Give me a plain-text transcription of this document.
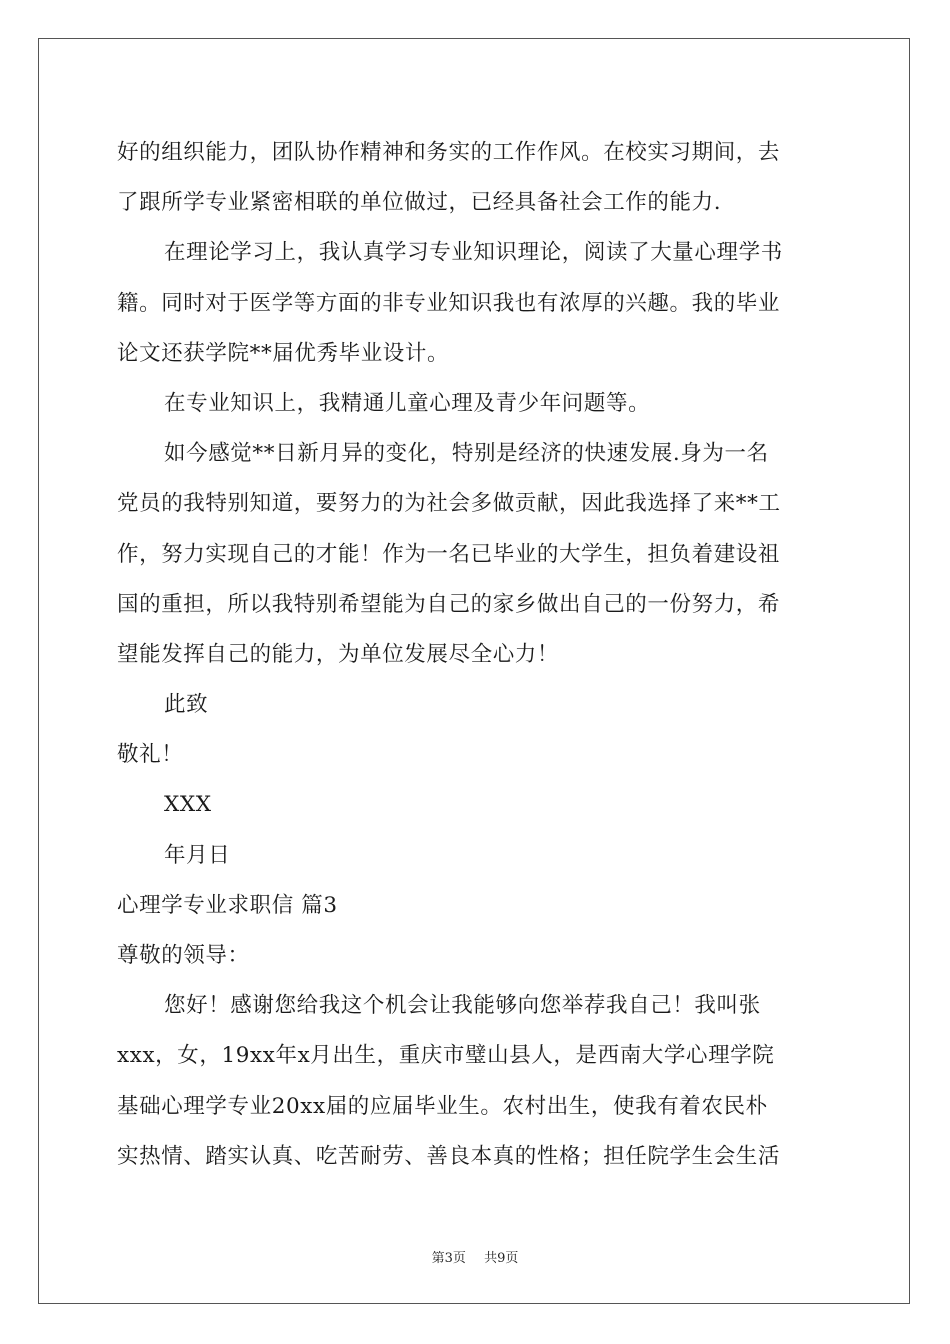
好的组织能力，团队协作精神和务实的工作作风。在校实习期间，去
了跟所学专业紧密相联的单位做过，已经具备社会工作的能力.
在理论学习上，我认真学习专业知识理论，阅读了大量心理学书
籍。同时对于医学等方面的非专业知识我也有浓厚的兴趣。我的毕业
论文还获学院**届优秀毕业设计。
在专业知识上，我精通儿童心理及青少年问题等。
如今感觉**日新月异的变化，特别是经济的快速发展.身为一名
党员的我特别知道，要努力的为社会多做贡献，因此我选择了来**工
作，努力实现自己的才能！作为一名已毕业的大学生，担负着建设祖
国的重担，所以我特别希望能为自己的家乡做出自己的一份努力，希
望能发挥自己的能力，为单位发展尽全心力！
此致
敬礼！
XXX
年月日
心理学专业求职信 篇3
尊敬的领导：
您好！感谢您给我这个机会让我能够向您举荐我自己！我叫张
xxx，女，19xx年x月出生，重庆市璧山县人，是西南大学心理学院
基础心理学专业20xx届的应届毕业生。农村出生，使我有着农民朴
实热情、踏实认真、吃苦耐劳、善良本真的性格；担任院学生会生活
第3页 共9页
